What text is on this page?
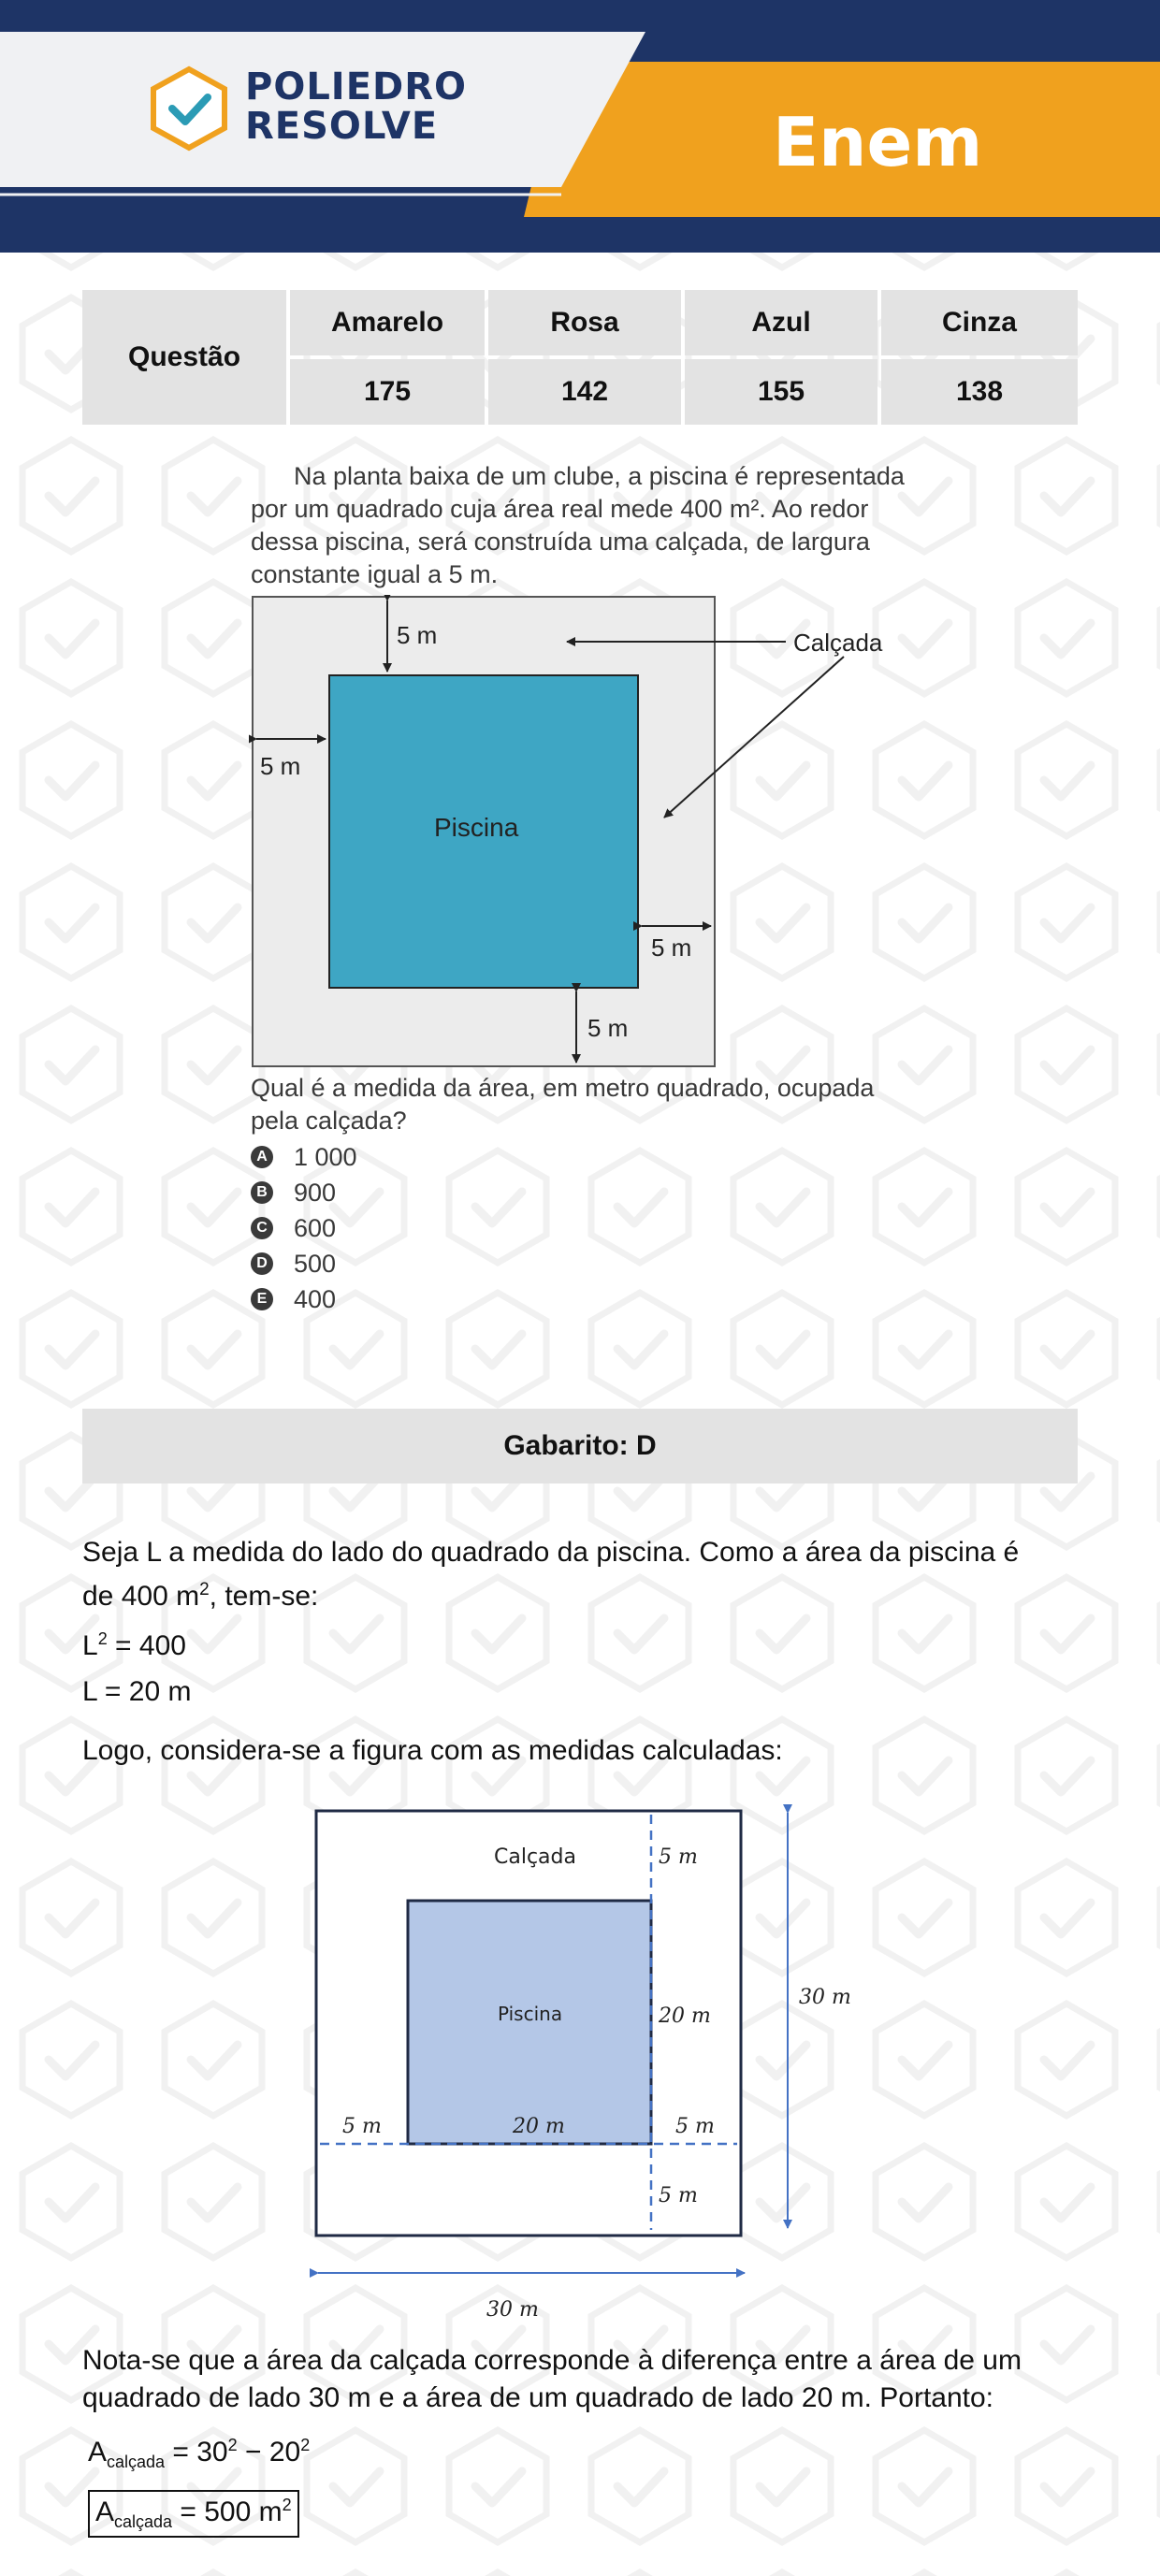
POLIEDRO
RESOLVE	Enem
Questão
Amarelo	Rosa	Azul	Cinza
175	142	155	138
Na planta baixa de um clube, a piscina é representada
por um quadrado cuja área real mede 400 m². Ao redor
dessa piscina, será construída uma calçada, de largura
constante igual a 5 m.
5 m
5 m
5 m
5 m
Piscina
Calçada
Qual é a medida da área, em metro quadrado, ocupada
pela calçada?
A 1 000
B 900
C 600
D 500
E 400
Gabarito: D
Seja L a medida do lado do quadrado da piscina. Como a área da piscina é
de 400 $m^2$, tem-se:
$L^2 = 400$
L = 20 m
Logo, considera-se a figura com as medidas calculadas:
Calçada
Piscina
5 m
20 m
20 m
5 m	5 m
5 m
30 m
30 m
Nota-se que a área da calçada corresponde à diferença entre a área de um
quadrado de lado 30 m e a área de um quadrado de lado 20 m. Portanto:
$A_{calçada} = 30^2 - 20^2$
$A_{calçada} = 500$ $m^2$
